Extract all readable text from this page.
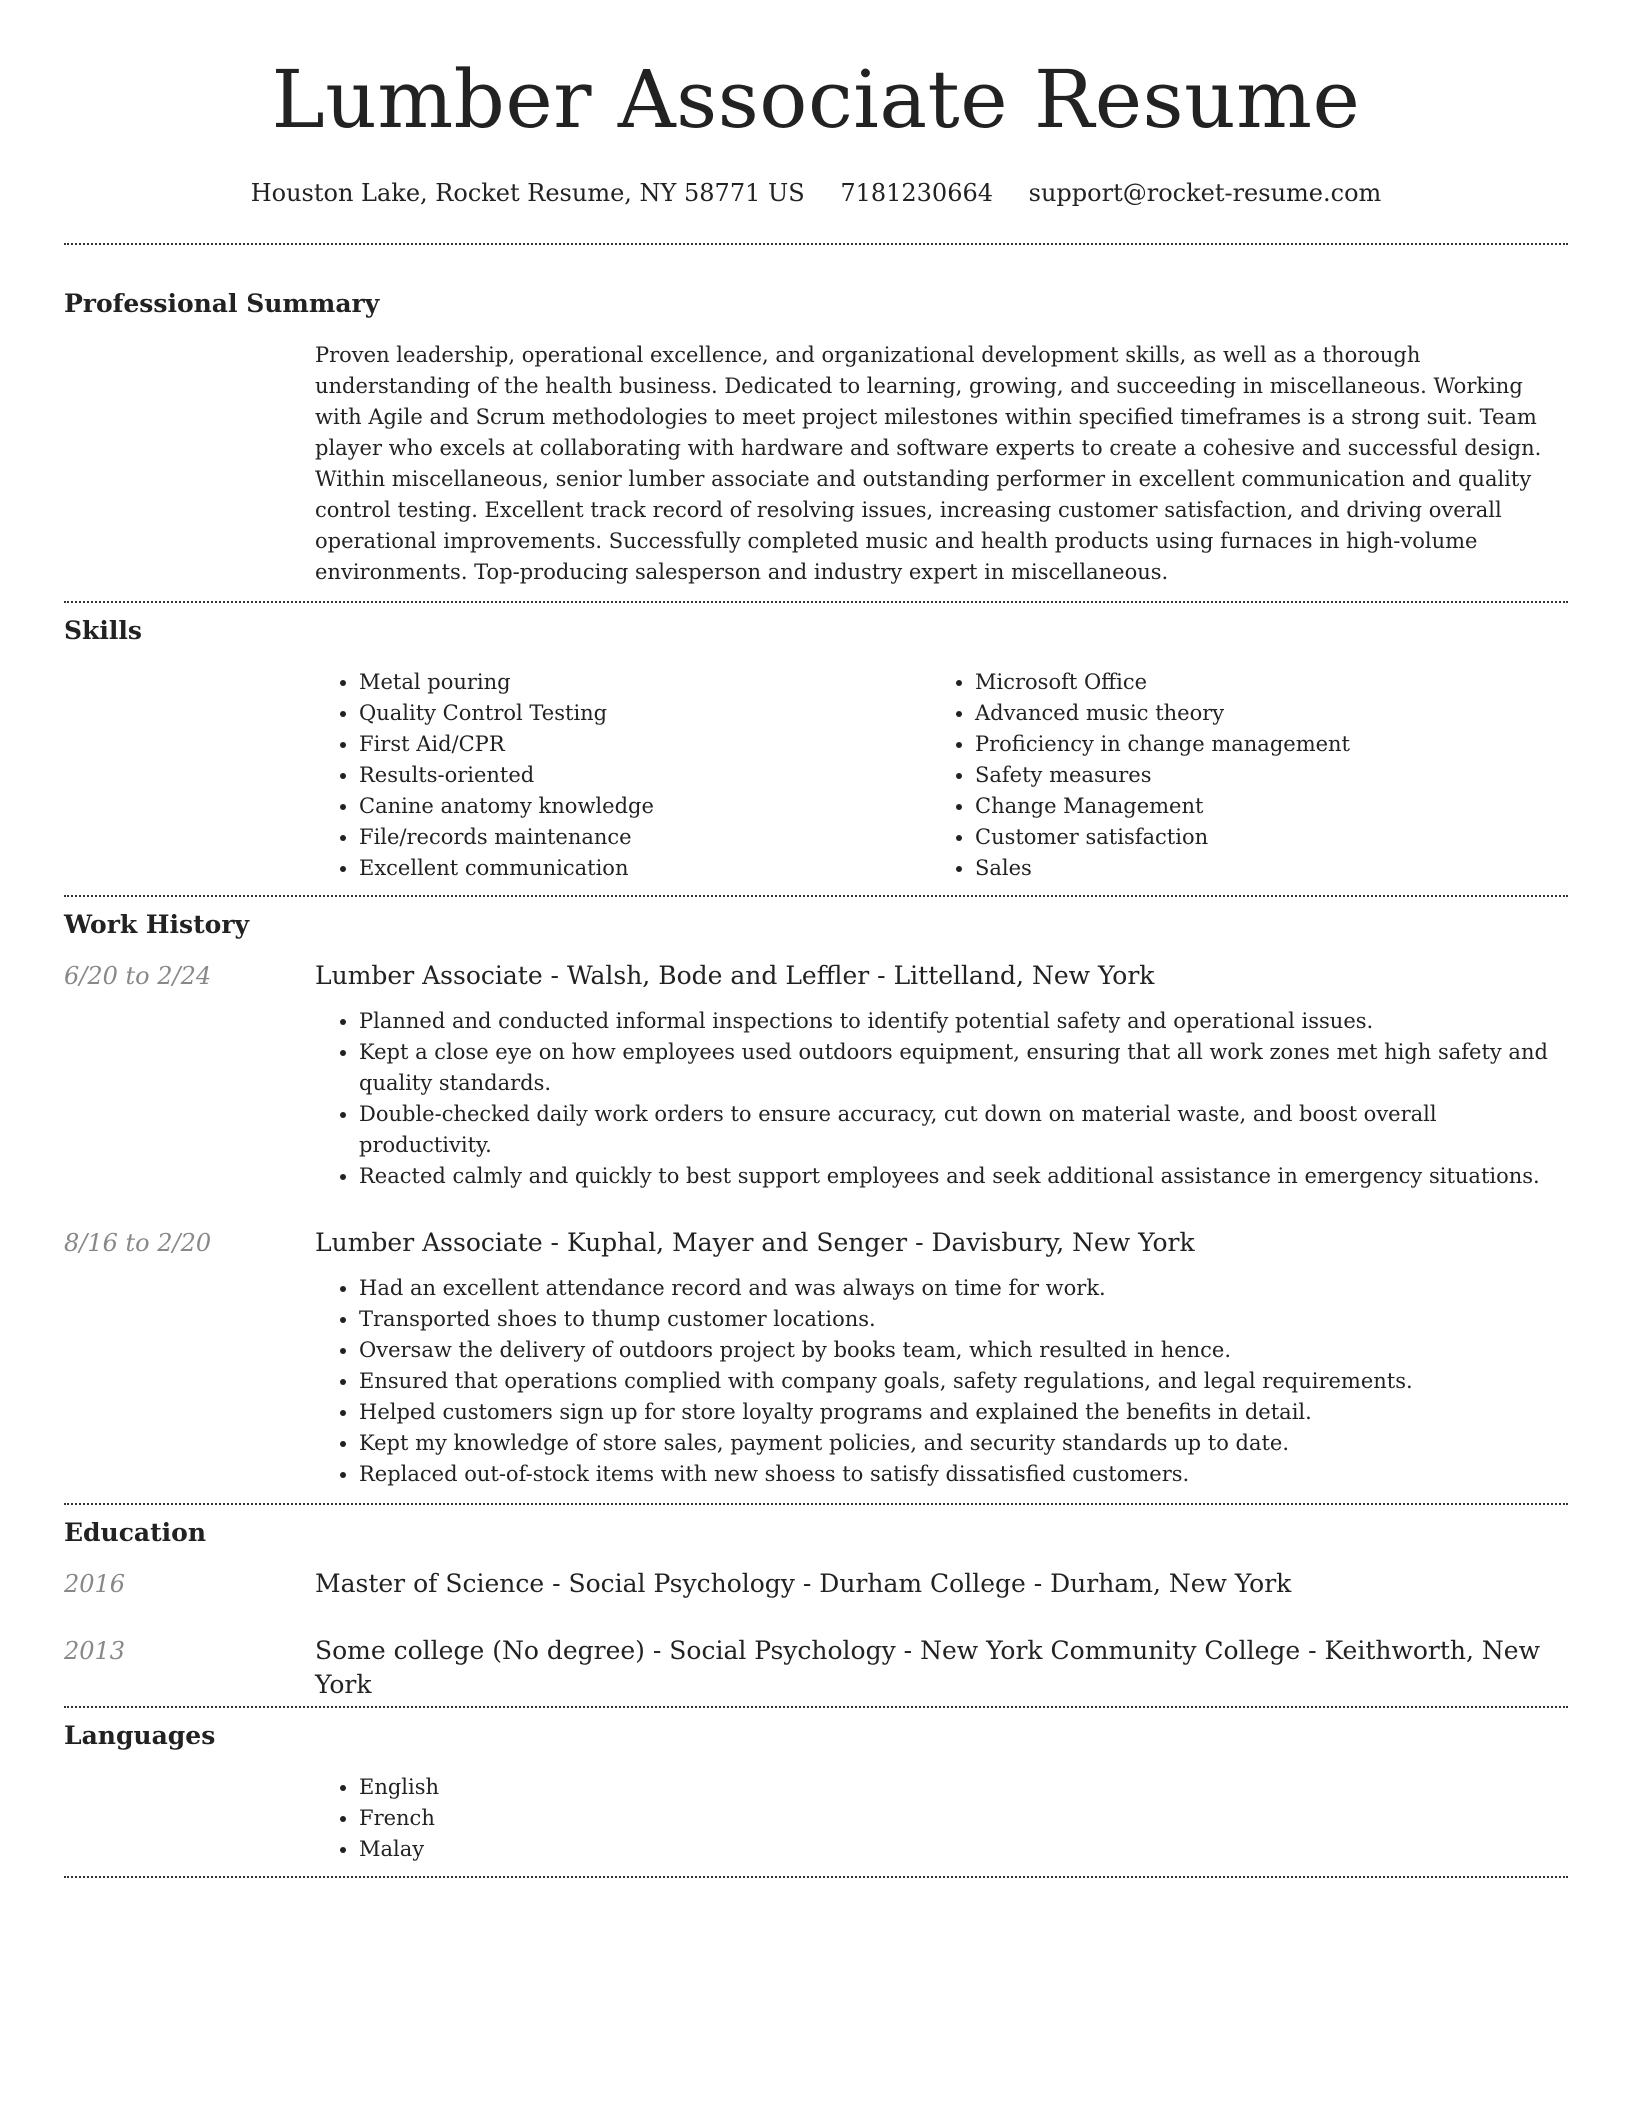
Lumber Associate Resume
Houston Lake, Rocket Resume, NY 58771 US 7181230664 support@rocket-resume.com
Professional Summary
Proven leadership, operational excellence, and organizational development skills, as well as a thorough understanding of the health business. Dedicated to learning, growing, and succeeding in miscellaneous. Working with Agile and Scrum methodologies to meet project milestones within specified timeframes is a strong suit. Team player who excels at collaborating with hardware and software experts to create a cohesive and successful design. Within miscellaneous, senior lumber associate and outstanding performer in excellent communication and quality control testing. Excellent track record of resolving issues, increasing customer satisfaction, and driving overall operational improvements. Successfully completed music and health products using furnaces in high-volume environments. Top-producing salesperson and industry expert in miscellaneous.
Skills
• Metal pouring
• Quality Control Testing
• First Aid/CPR
• Results-oriented
• Canine anatomy knowledge
• File/records maintenance
• Excellent communication
• Microsoft Office
• Advanced music theory
• Proficiency in change management
• Safety measures
• Change Management
• Customer satisfaction
• Sales
Work History
6/20 to 2/24	Lumber Associate - Walsh, Bode and Leffler - Littelland, New York
• Planned and conducted informal inspections to identify potential safety and operational issues.
• Kept a close eye on how employees used outdoors equipment, ensuring that all work zones met high safety and quality standards.
• Double-checked daily work orders to ensure accuracy, cut down on material waste, and boost overall productivity.
• Reacted calmly and quickly to best support employees and seek additional assistance in emergency situations.
8/16 to 2/20	Lumber Associate - Kuphal, Mayer and Senger - Davisbury, New York
• Had an excellent attendance record and was always on time for work.
• Transported shoes to thump customer locations.
• Oversaw the delivery of outdoors project by books team, which resulted in hence.
• Ensured that operations complied with company goals, safety regulations, and legal requirements.
• Helped customers sign up for store loyalty programs and explained the benefits in detail.
• Kept my knowledge of store sales, payment policies, and security standards up to date.
• Replaced out-of-stock items with new shoess to satisfy dissatisfied customers.
Education
2016	Master of Science - Social Psychology - Durham College - Durham, New York
2013	Some college (No degree) - Social Psychology - New York Community College - Keithworth, New York
Languages
• English
• French
• Malay
